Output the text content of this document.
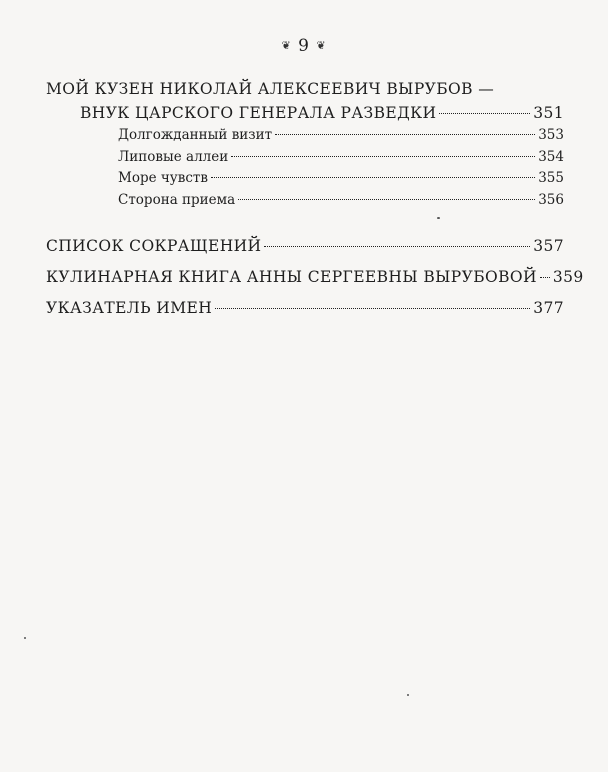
❦ 9 ❦
МОЙ КУЗЕН НИКОЛАЙ АЛЕКСЕЕВИЧ ВЫРУБОВ —
ВНУК ЦАРСКОГО ГЕНЕРАЛА РАЗВЕДКИ	351
Долгожданный визит	353
Липовые аллеи	354
Море чувств	355
Сторона приема	356
СПИСОК СОКРАЩЕНИЙ	357
КУЛИНАРНАЯ КНИГА АННЫ СЕРГЕЕВНЫ ВЫРУБОВОЙ 359
УКАЗАТЕЛЬ ИМЕН	377
